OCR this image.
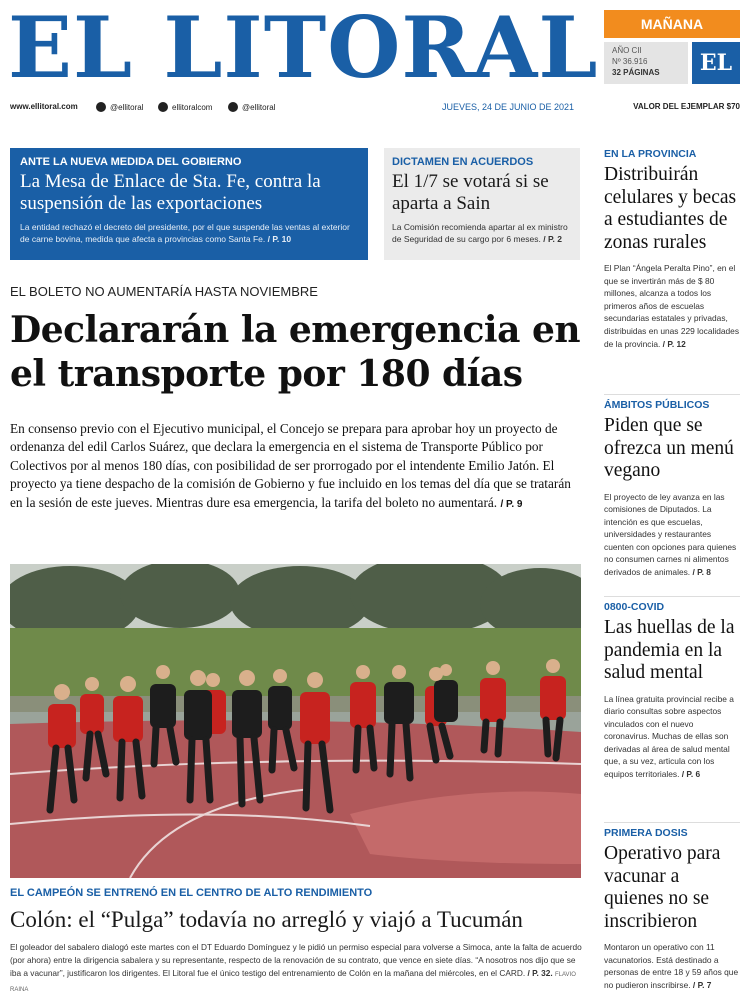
EL LITORAL	MAÑANA
AÑO CII
Nº 36.916
32 PÁGINAS	EL
www.ellitoral.com	@ellitoral	ellitoralcom	@ellitoral	JUEVES, 24 DE JUNIO DE 2021	VALOR DEL EJEMPLAR $70
ANTE LA NUEVA MEDIDA DEL GOBIERNO
La Mesa de Enlace de Sta. Fe, contra la suspensión de las exportaciones
La entidad rechazó el decreto del presidente, por el que suspende las ventas al exterior de carne bovina, medida que afecta a provincias como Santa Fe. / P. 10
DICTAMEN EN ACUERDOS
El 1/7 se votará si se aparta a Sain
La Comisión recomienda apartar al ex ministro de Seguridad de su cargo por 6 meses. / P. 2
EL BOLETO NO AUMENTARÍA HASTA NOVIEMBRE
Declararán la emergencia en el transporte por 180 días
En consenso previo con el Ejecutivo municipal, el Concejo se prepara para aprobar hoy un proyecto de ordenanza del edil Carlos Suárez, que declara la emergencia en el sistema de Transporte Público por Colectivos por al menos 180 días, con posibilidad de ser prorrogado por el intendente Emilio Jatón. El proyecto ya tiene despacho de la comisión de Gobierno y fue incluido en los temas del día que se tratarán en la sesión de este jueves. Mientras dure esa emergencia, la tarifa del boleto no aumentará. / P. 9
EL CAMPEÓN SE ENTRENÓ EN EL CENTRO DE ALTO RENDIMIENTO
Colón: el “Pulga” todavía no arregló y viajó a Tucumán
El goleador del sabalero dialogó este martes con el DT Eduardo Domínguez y le pidió un permiso especial para volverse a Simoca, ante la falta de acuerdo (por ahora) entre la dirigencia sabalera y su representante, respecto de la renovación de su contrato, que vence en siete días. “A nosotros nos dijo que se iba a vacunar”, justificaron los dirigentes. El Litoral fue el único testigo del entrenamiento de Colón en la mañana del miércoles, en el CARD. / P. 32. FLAVIO RAINA
EN LA PROVINCIA
Distribuirán celulares y becas a estudiantes de zonas rurales
El Plan “Ángela Peralta Pino”, en el que se invertirán más de $ 80 millones, alcanza a todos los primeros años de escuelas secundarias estatales y privadas, distribuidas en unas 229 localidades de la provincia. / P. 12
ÁMBITOS PÚBLICOS
Piden que se ofrezca un menú vegano
El proyecto de ley avanza en las comisiones de Diputados. La intención es que escuelas, universidades y restaurantes cuenten con opciones para quienes no consumen carnes ni alimentos derivados de animales. / P. 8
0800-COVID
Las huellas de la pandemia en la salud mental
La línea gratuita provincial recibe a diario consultas sobre aspectos vinculados con el nuevo coronavirus. Muchas de ellas son derivadas al área de salud mental que, a su vez, articula con los equipos territoriales. / P. 6
PRIMERA DOSIS
Operativo para vacunar a quienes no se inscribieron
Montaron un operativo con 11 vacunatorios. Está destinado a personas de entre 18 y 59 años que no pudieron inscribirse. / P. 7
